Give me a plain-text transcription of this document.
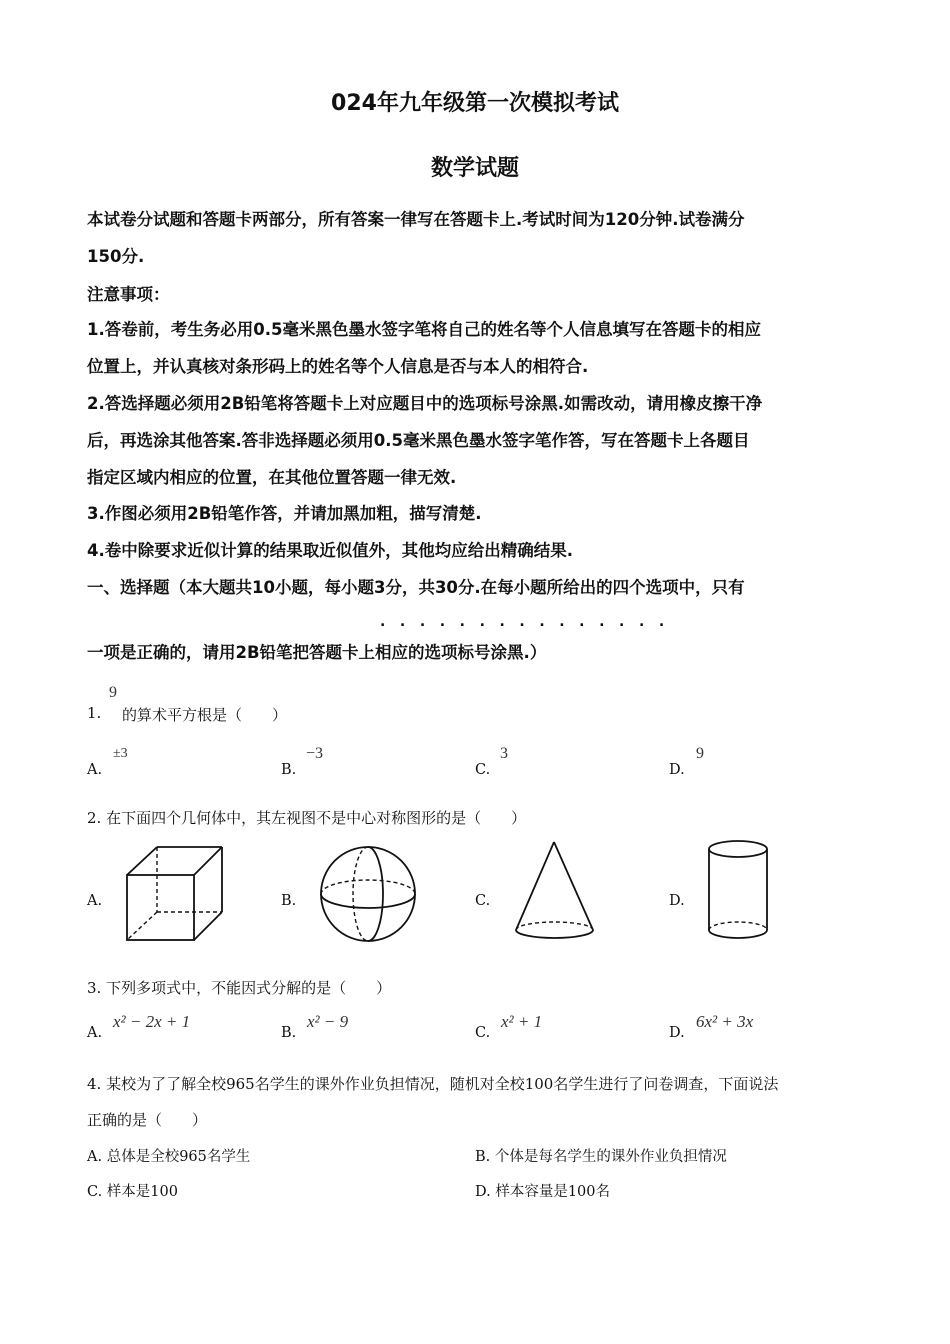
024年九年级第一次模拟考试
数学试题
本试卷分试题和答题卡两部分，所有答案一律写在答题卡上.考试时间为120分钟.试卷满分
150分.
注意事项：
1.答卷前，考生务必用0.5毫米黑色墨水签字笔将自己的姓名等个人信息填写在答题卡的相应
位置上，并认真核对条形码上的姓名等个人信息是否与本人的相符合.
2.答选择题必须用2B铅笔将答题卡上对应题目中的选项标号涂黑.如需改动，请用橡皮擦干净
后，再选涂其他答案.答非选择题必须用0.5毫米黑色墨水签字笔作答，写在答题卡上各题目
指定区域内相应的位置，在其他位置答题一律无效.
3.作图必须用2B铅笔作答，并请加黑加粗，描写清楚.
4.卷中除要求近似计算的结果取近似值外，其他均应给出精确结果.
一、选择题（本大题共10小题，每小题3分，共30分.在每小题所给出的四个选项中，只有
...............
一项是正确的，请用2B铅笔把答题卡上相应的选项标号涂黑.）
1.
9
的算术平方根是（　　）
A.
±3
B.
−3
C.
3
D.
9
2. 在下面四个几何体中，其左视图不是中心对称图形的是（　　）
A.	B.	C.	D.
3. 下列多项式中，不能因式分解的是（　　）
A.
x² − 2x + 1
B.
x² − 9
C.
x² + 1
D.
6x² + 3x
4. 某校为了了解全校965名学生的课外作业负担情况，随机对全校100名学生进行了问卷调查，下面说法
正确的是（　　）
A. 总体是全校965名学生	B. 个体是每名学生的课外作业负担情况
C. 样本是100	D. 样本容量是100名
